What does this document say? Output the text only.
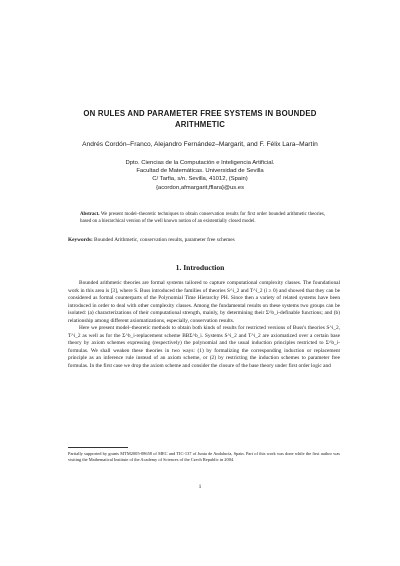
ON RULES AND PARAMETER FREE SYSTEMS IN BOUNDED
ARITHMETIC
Andrés Cordón–Franco, Alejandro Fernández–Margarit, and F. Félix Lara–Martín
Dpto. Ciencias de la Computación e Inteligencia Artificial.
Facultad de Matemáticas. Universidad de Sevilla
C/ Tarfia, s/n. Sevilla, 41012, (Spain)
{acordon,afmargarit,fflara}@us.es
Abstract. We present model–theoretic techniques to obtain conservation results for first order bounded arithmetic theories, based on a hierarchical version of the well known notion of an existentially closed model.
Keywords: Bounded Arithmetic, conservation results, parameter free schemes
1. Introduction

Bounded arithmetic theories are formal systems tailored to capture computational complexity classes. The foundational work in this area is [3], where S. Buss introduced the families of theories S^i_2 and T^i_2 (i ≥ 0) and showed that they can be considered as formal counterparts of the Polynomial Time Hierarchy PH. Since then a variety of related systems have been introduced in order to deal with other complexity classes. Among the fundamental results on these systems two groups can be isolated: (a) characterizations of their computational strength, mainly, by determining their Σ^b_i-definable functions; and (b) relationship among different axiomatizations, especially, conservation results.

Here we present model–theoretic methods to obtain both kinds of results for restricted versions of Buss's theories S^i_2, T^i_2 as well as for the Σ^b_i-replacement scheme BBΣ^b_i. Systems S^i_2 and T^i_2 are axiomatized over a certain base theory by axiom schemes expressing (respectively) the polynomial and the usual induction principles restricted to Σ^b_i-formulas. We shall weaken these theories in two ways: (1) by formalizing the corresponding induction or replacement principle as an inference rule instead of an axiom scheme, or (2) by restricting the induction schemes to parameter free formulas. In the first case we drop the axiom scheme and consider the closure of the base theory under first order logic and

Partially supported by grants MTM2005-08658 of MEC and TIC-137 of Junta de Andalucía, Spain. Part of this work was done while the first author was visiting the Mathematical Institute of the Academy of Sciences of the Czech Republic in 2004.
1
